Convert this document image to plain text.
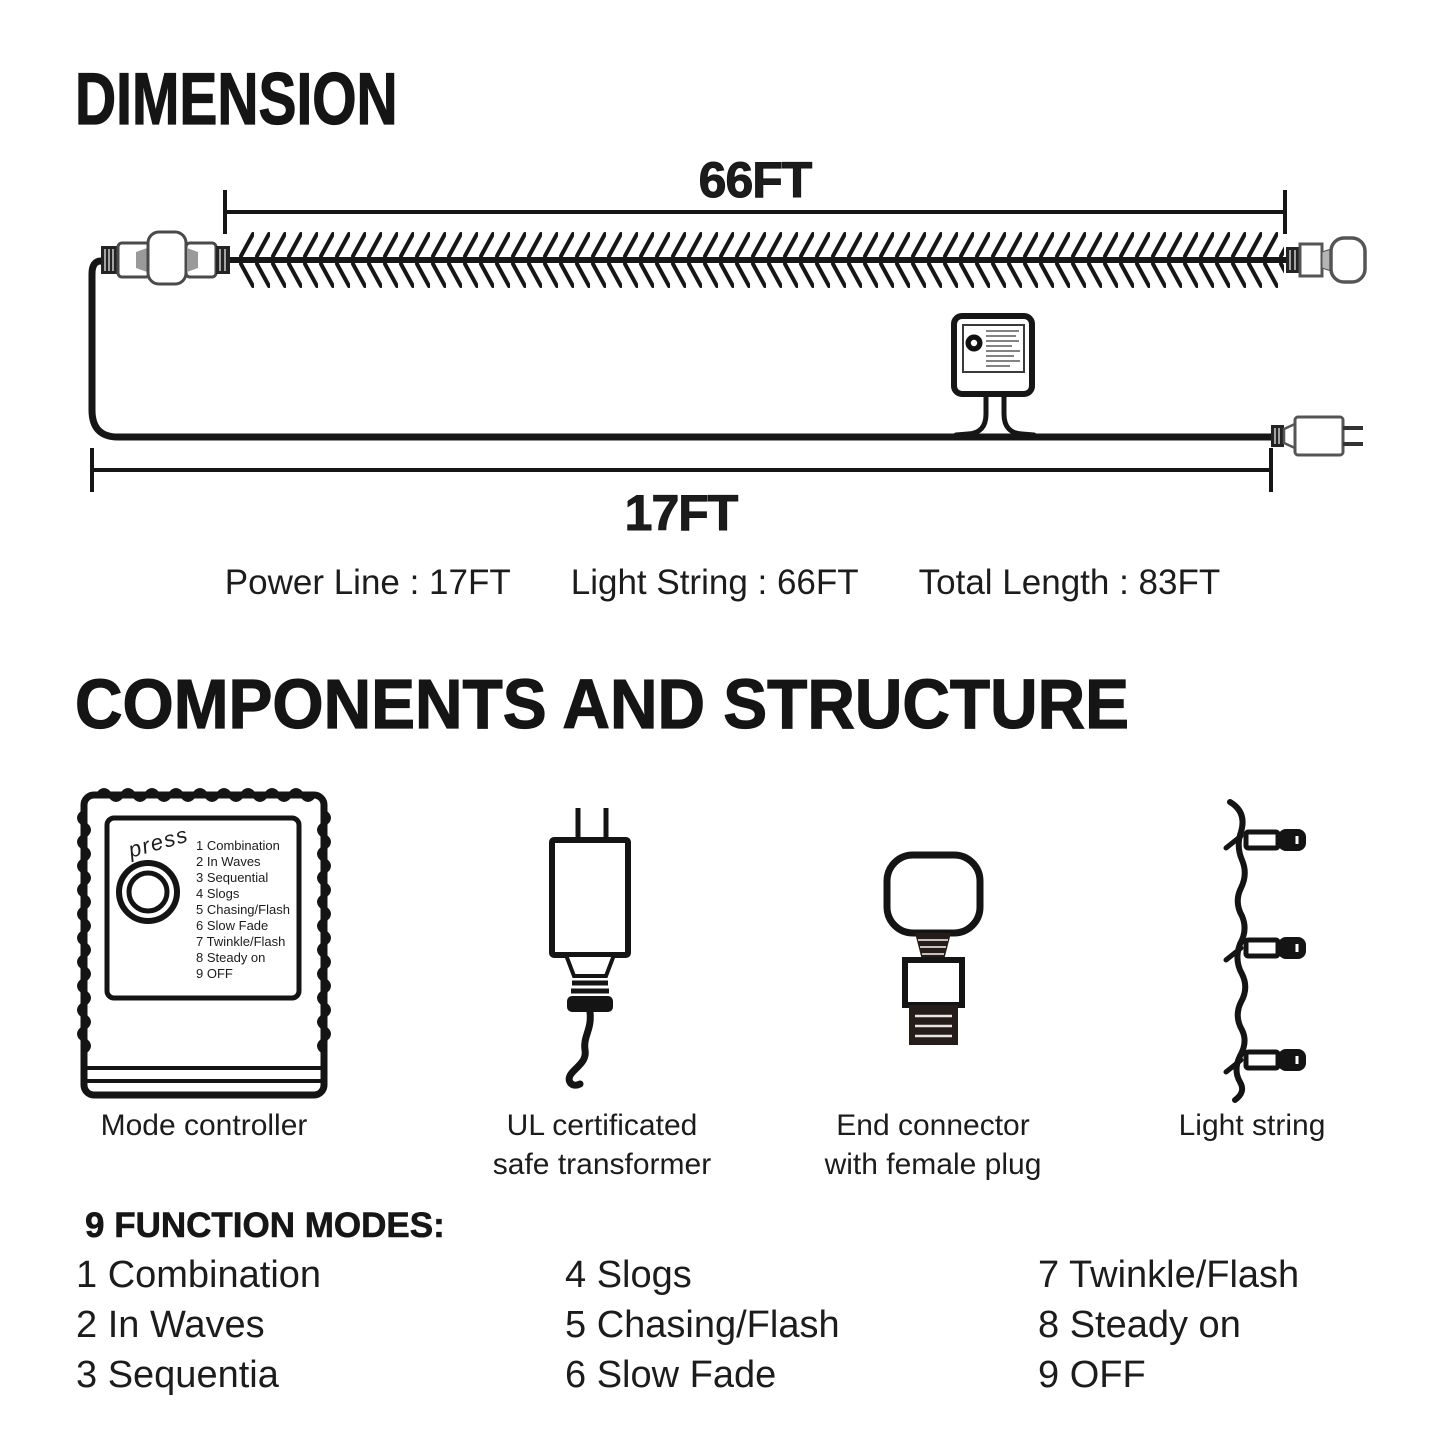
DIMENSION
66FT
17FT
Power Line : 17FT Light String : 66FT Total Length : 83FT
COMPONENTS AND STRUCTURE
press 1 Combination
2 In Waves
3 Sequential
4 Slogs
5 Chasing/Flash
6 Slow Fade
7 Twinkle/Flash
8 Steady on
9 OFF
Mode controller	UL certificated
safe transformer
End connector
with female plug
Light string
9 FUNCTION MODES:
1 Combination
2 In Waves
3 Sequentia
4 Slogs
5 Chasing/Flash
6 Slow Fade
7 Twinkle/Flash
8 Steady on
9 OFF
